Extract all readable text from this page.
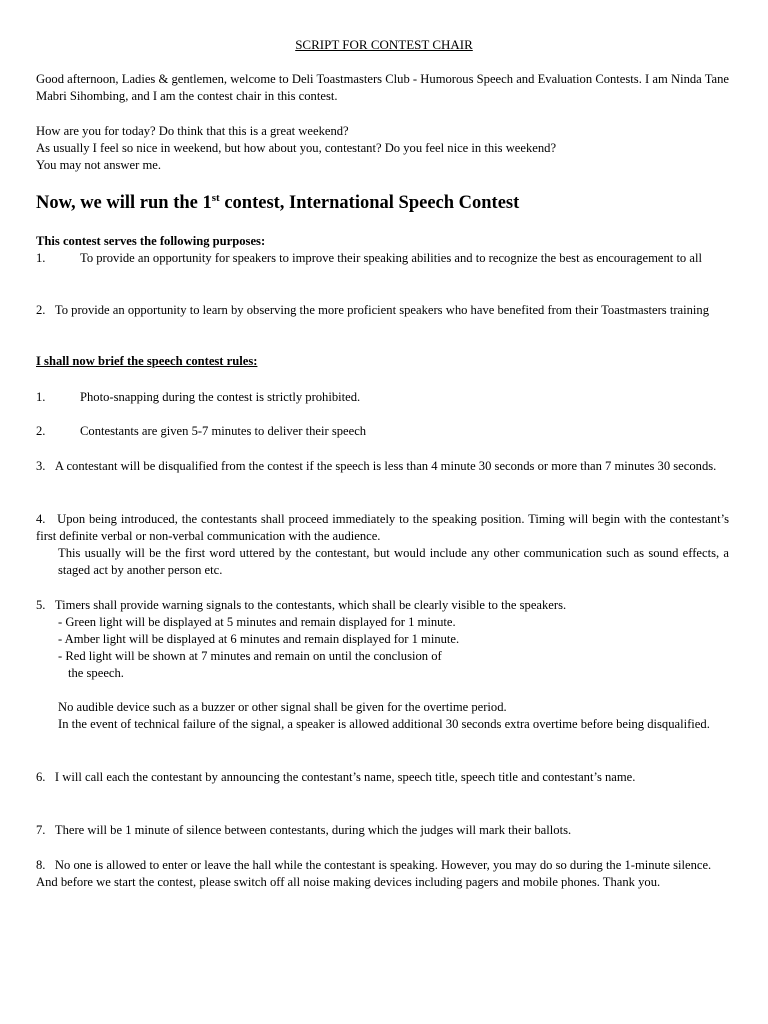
SCRIPT FOR CONTEST CHAIR

Good afternoon, Ladies & gentlemen, welcome to Deli Toastmasters Club - Humorous Speech and Evaluation Contests. I am Ninda Tane Mabri Sihombing, and I am the contest chair in this contest.

How are you for today? Do think that this is a great weekend?
As usually I feel so nice in weekend, but how about you, contestant? Do you feel nice in this weekend?
You may not answer me.
Now, we will run the 1st contest, International Speech Contest
This contest serves the following purposes:

1.	To provide an opportunity for speakers to improve their speaking abilities and to recognize the best as encouragement to all

2. To provide an opportunity to learn by observing the more proficient speakers who have benefited from their Toastmasters training

I shall now brief the speech contest rules:
1.	Photo-snapping during the contest is strictly prohibited.
2.	Contestants are given 5-7 minutes to deliver their speech

3. A contestant will be disqualified from the contest if the speech is less than 4 minute 30 seconds or more than 7 minutes 30 seconds.

4. Upon being introduced, the contestants shall proceed immediately to the speaking position. Timing will begin with the contestant’s first definite verbal or non-verbal communication with the audience.

This usually will be the first word uttered by the contestant, but would include any other communication such as sound effects, a staged act by another person etc.

5. Timers shall provide warning signals to the contestants, which shall be clearly visible to the speakers.
- Green light will be displayed at 5 minutes and remain displayed for 1 minute.
- Amber light will be displayed at 6 minutes and remain displayed for 1 minute.
- Red light will be shown at 7 minutes and remain on until the conclusion of
the speech.

No audible device such as a buzzer or other signal shall be given for the overtime period.

In the event of technical failure of the signal, a speaker is allowed additional 30 seconds extra overtime before being disqualified.

6. I will call each the contestant by announcing the contestant’s name, speech title, speech title and contestant’s name.

7. There will be 1 minute of silence between contestants, during which the judges will mark their ballots.

8. No one is allowed to enter or leave the hall while the contestant is speaking. However, you may do so during the 1-minute silence.

And before we start the contest, please switch off all noise making devices including pagers and mobile phones. Thank you.
